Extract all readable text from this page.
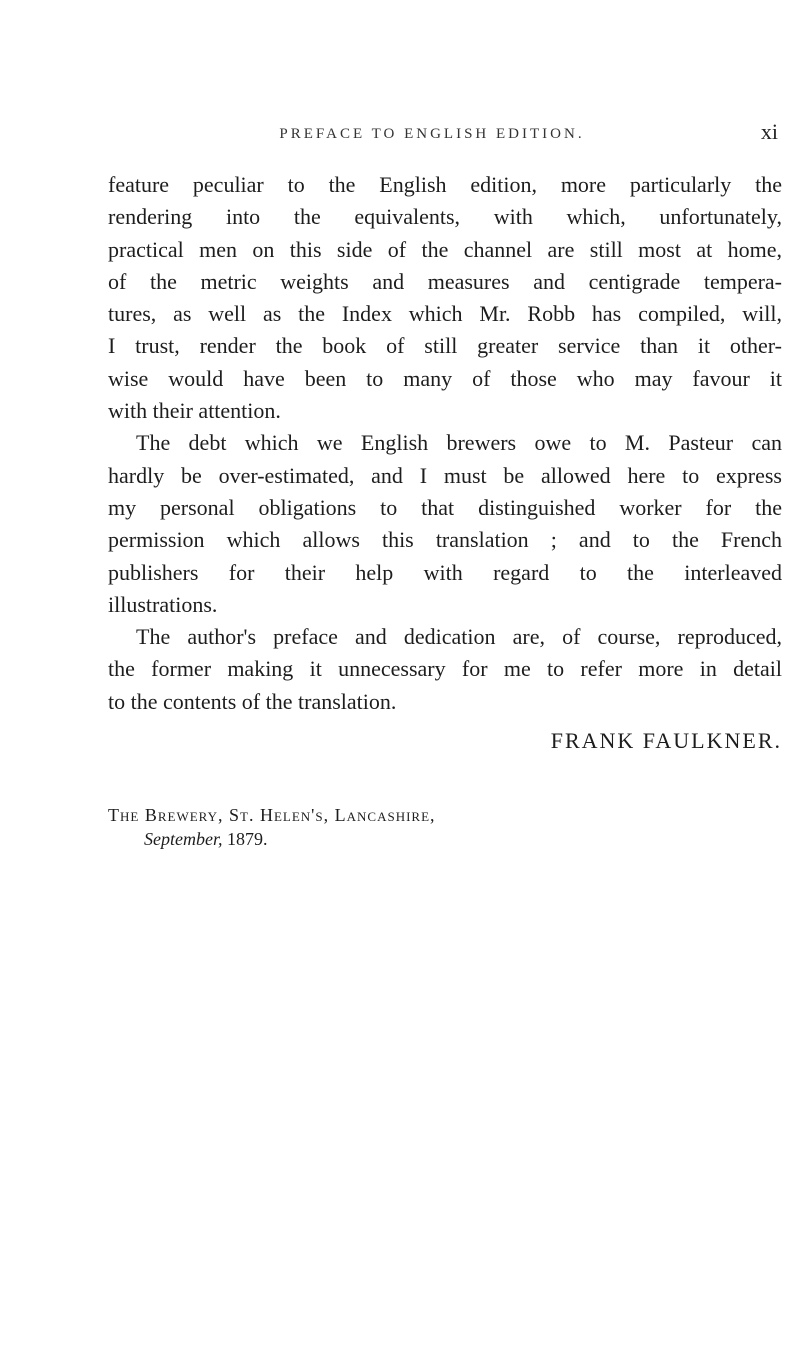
PREFACE TO ENGLISH EDITION.	xi
feature peculiar to the English edition, more particularly the
rendering into the equivalents, with which, unfortunately,
practical men on this side of the channel are still most at home,
of the metric weights and measures and centigrade tempera-
tures, as well as the Index which Mr. Robb has compiled, will,
I trust, render the book of still greater service than it other-
wise would have been to many of those who may favour it
with their attention.
The debt which we English brewers owe to M. Pasteur can
hardly be over-estimated, and I must be allowed here to express
my personal obligations to that distinguished worker for the
permission which allows this translation ; and to the French
publishers for their help with regard to the interleaved
illustrations.
The author's preface and dedication are, of course, reproduced,
the former making it unnecessary for me to refer more in detail
to the contents of the translation.
FRANK FAULKNER.
The Brewery, St. Helen's, Lancashire,
September, 1879.
